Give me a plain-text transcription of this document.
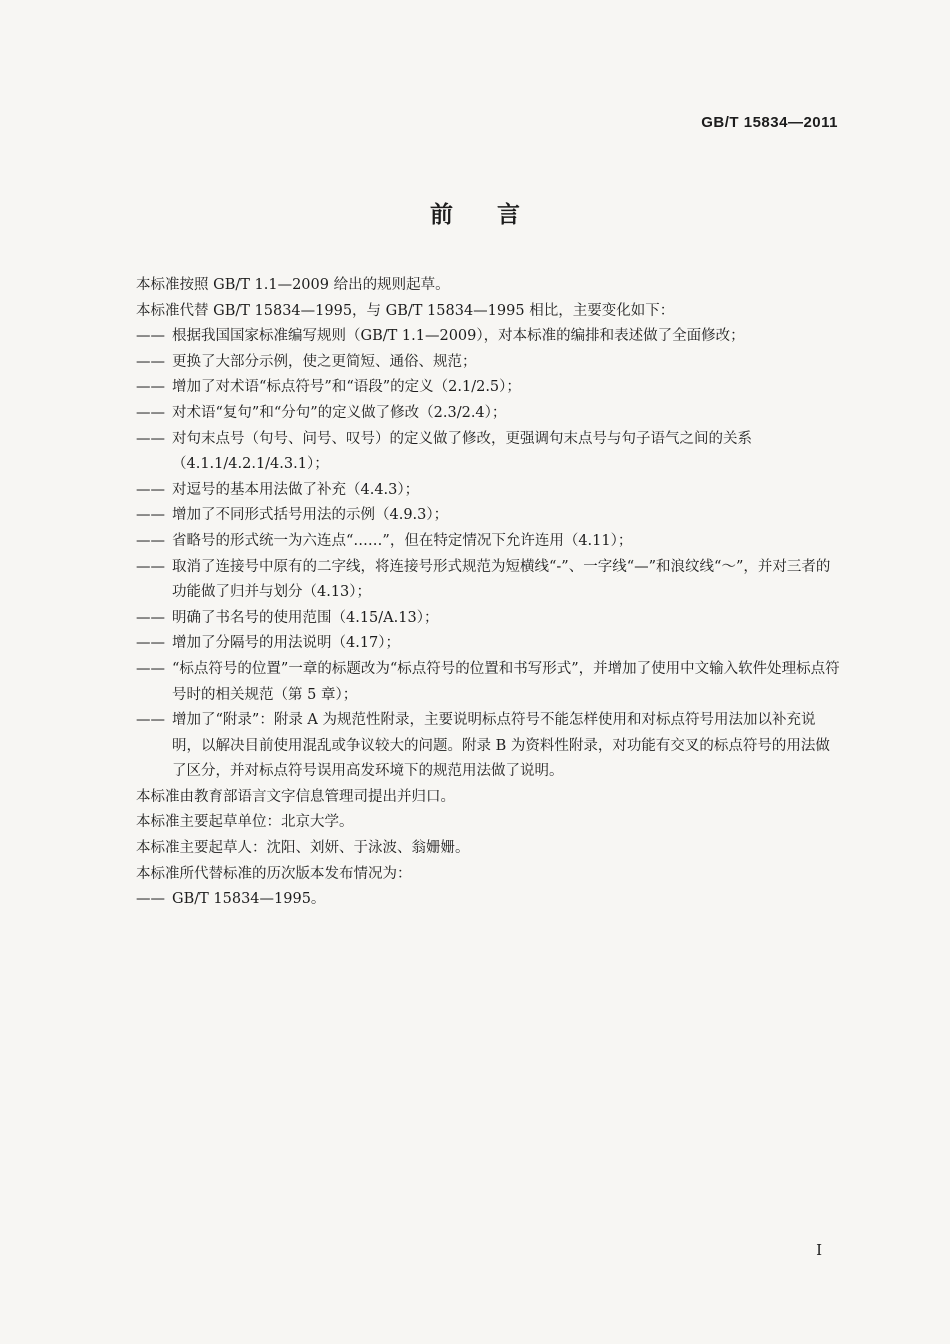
GB/T 15834—2011
前 言

本标准按照 GB/T 1.1—2009 给出的规则起草。

本标准代替 GB/T 15834—1995，与 GB/T 15834—1995 相比，主要变化如下：

—— 根据我国国家标准编写规则（GB/T 1.1—2009），对本标准的编排和表述做了全面修改；

—— 更换了大部分示例，使之更简短、通俗、规范；

—— 增加了对术语“标点符号”和“语段”的定义（2.1/2.5）；

—— 对术语“复句”和“分句”的定义做了修改（2.3/2.4）；

—— 对句末点号（句号、问号、叹号）的定义做了修改，更强调句末点号与句子语气之间的关系（4.1.1/4.2.1/4.3.1）；

—— 对逗号的基本用法做了补充（4.4.3）；

—— 增加了不同形式括号用法的示例（4.9.3）；

—— 省略号的形式统一为六连点“……”，但在特定情况下允许连用（4.11）；

—— 取消了连接号中原有的二字线，将连接号形式规范为短横线“-”、一字线“—”和浪纹线“～”，并对三者的功能做了归并与划分（4.13）；

—— 明确了书名号的使用范围（4.15/A.13）；

—— 增加了分隔号的用法说明（4.17）；

—— “标点符号的位置”一章的标题改为“标点符号的位置和书写形式”，并增加了使用中文输入软件处理标点符号时的相关规范（第 5 章）；

—— 增加了“附录”：附录 A 为规范性附录，主要说明标点符号不能怎样使用和对标点符号用法加以补充说明，以解决目前使用混乱或争议较大的问题。附录 B 为资料性附录，对功能有交叉的标点符号的用法做了区分，并对标点符号误用高发环境下的规范用法做了说明。

本标准由教育部语言文字信息管理司提出并归口。

本标准主要起草单位：北京大学。

本标准主要起草人：沈阳、刘妍、于泳波、翁姗姗。

本标准所代替标准的历次版本发布情况为：

—— GB/T 15834—1995。

I
